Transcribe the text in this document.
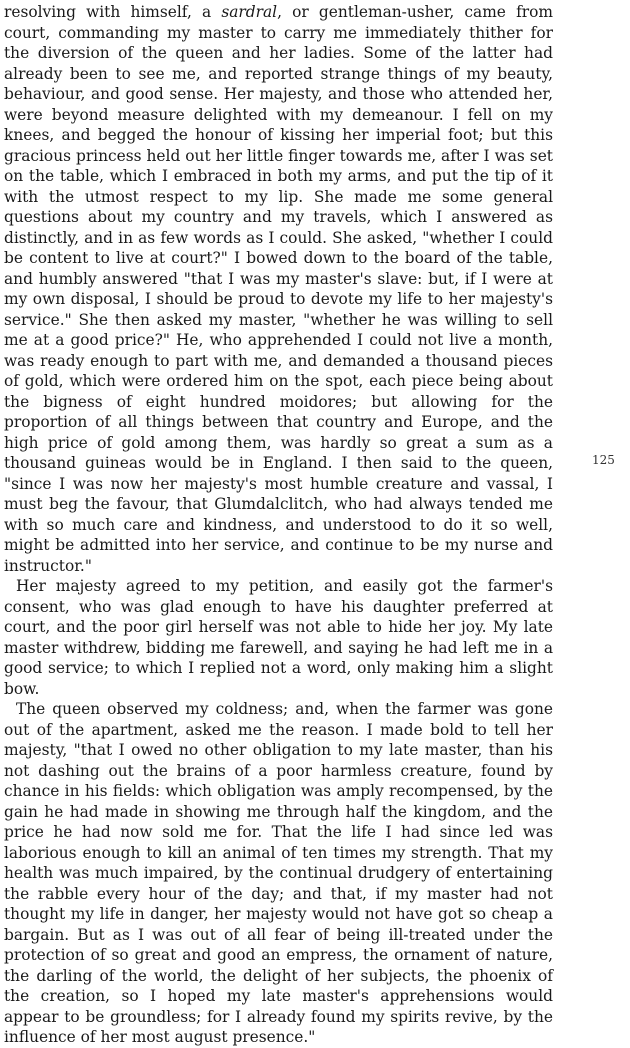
resolving with himself, a sardral, or gentleman-usher, came from court, commanding my master to carry me immediately thither for the diversion of the queen and her ladies. Some of the latter had already been to see me, and reported strange things of my beauty, behaviour, and good sense. Her majesty, and those who attended her, were beyond measure delighted with my demeanour. I fell on my knees, and begged the honour of kissing her imperial foot; but this gracious princess held out her little finger towards me, after I was set on the table, which I embraced in both my arms, and put the tip of it with the utmost respect to my lip. She made me some general questions about my country and my travels, which I answered as distinctly, and in as few words as I could. She asked, "whether I could be content to live at court?" I bowed down to the board of the table, and humbly answered "that I was my master's slave: but, if I were at my own disposal, I should be proud to devote my life to her majesty's service." She then asked my master, "whether he was willing to sell me at a good price?" He, who apprehended I could not live a month, was ready enough to part with me, and demanded a thousand pieces of gold, which were ordered him on the spot, each piece being about the bigness of eight hundred moidores; but allowing for the proportion of all things between that country and Europe, and the high price of gold among them, was hardly so great a sum as a thousand guineas would be in England. I then said to the queen, "since I was now her majesty's most humble creature and vassal, I must beg the favour, that Glumdalclitch, who had always tended me with so much care and kindness, and understood to do it so well, might be admitted into her service, and continue to be my nurse and instructor."

Her majesty agreed to my petition, and easily got the farmer's consent, who was glad enough to have his daughter preferred at court, and the poor girl herself was not able to hide her joy. My late master withdrew, bidding me farewell, and saying he had left me in a good service; to which I replied not a word, only making him a slight bow.

The queen observed my coldness; and, when the farmer was gone out of the apartment, asked me the reason. I made bold to tell her majesty, "that I owed no other obligation to my late master, than his not dashing out the brains of a poor harmless creature, found by chance in his fields: which obligation was amply recompensed, by the gain he had made in showing me through half the kingdom, and the price he had now sold me for. That the life I had since led was laborious enough to kill an animal of ten times my strength. That my health was much impaired, by the continual drudgery of entertaining the rabble every hour of the day; and that, if my master had not thought my life in danger, her majesty would not have got so cheap a bargain. But as I was out of all fear of being ill-treated under the protection of so great and good an empress, the ornament of nature, the darling of the world, the delight of her subjects, the phoenix of the creation, so I hoped my late master's apprehensions would appear to be groundless; for I already found my spirits revive, by the influence of her most august presence."

125
